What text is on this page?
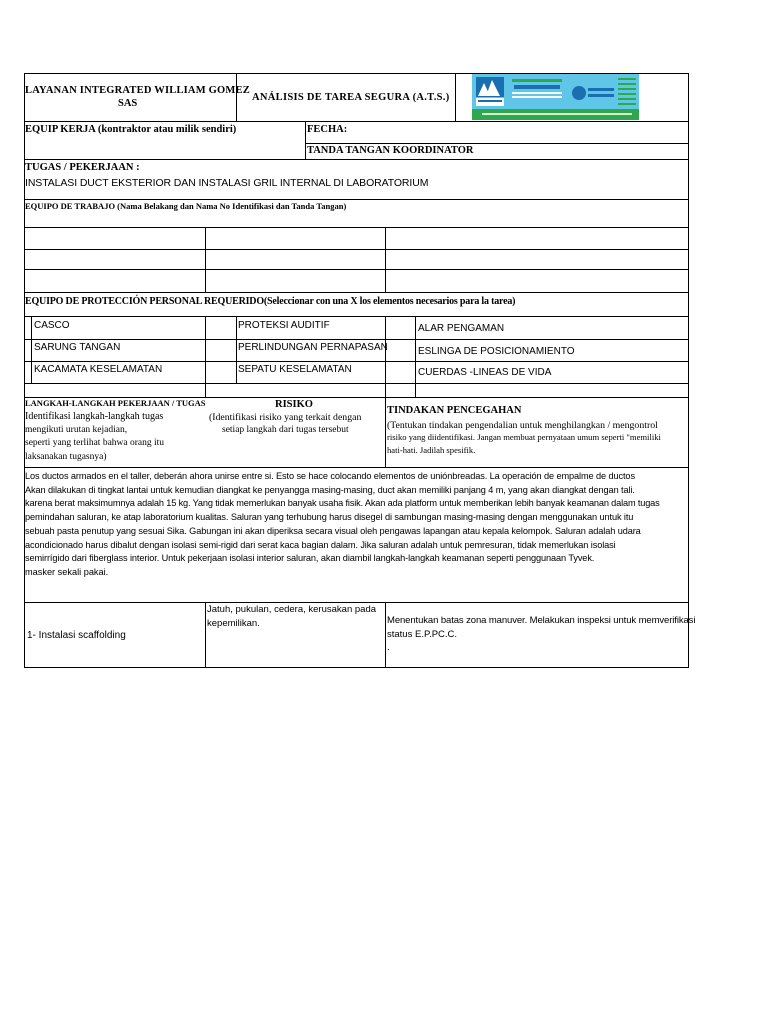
LAYANAN INTEGRATED WILLIAM GOMEZ
SAS
ANÁLISIS DE TAREA SEGURA (A.T.S.)
EQUIP KERJA (kontraktor atau milik sendiri)	FECHA:
TANDA TANGAN KOORDINATOR
TUGAS / PEKERJAAN :
INSTALASI DUCT EKSTERIOR DAN INSTALASI GRIL INTERNAL DI LABORATORIUM
EQUIPO DE TRABAJO (Nama Belakang dan Nama No Identifikasi dan Tanda Tangan)
EQUIPO DE PROTECCIÓN PERSONAL REQUERIDO(Seleccionar con una X los elementos necesarios para la tarea)
CASCO
SARUNG TANGAN
KACAMATA KESELAMATAN
PROTEKSI AUDITIF
PERLINDUNGAN PERNAPASAN
SEPATU KESELAMATAN
ALAR PENGAMAN
ESLINGA DE POSICIONAMIENTO
CUERDAS -LINEAS DE VIDA
LANGKAH-LANGKAH PEKERJAAN / TUGAS
Identifikasi langkah-langkah tugas
mengikuti urutan kejadian,
seperti yang terlihat bahwa orang itu
laksanakan tugasnya)
RISIKO
(Identifikasi risiko yang terkait dengan
setiap langkah dari tugas tersebut
TINDAKAN PENCEGAHAN
(Tentukan tindakan pengendalian untuk menghilangkan / mengontrol
risiko yang diidentifikasi. Jangan membuat pernyataan umum seperti "memiliki
hati-hati. Jadilah spesifik.
Los ductos armados en el taller, deberán ahora unirse entre si. Esto se hace colocando elementos de uniónbreadas. La operación de empalme de ductos
Akan dilakukan di tingkat lantai untuk kemudian diangkat ke penyangga masing-masing, duct akan memiliki panjang 4 m, yang akan diangkat dengan tali.
karena berat maksimumnya adalah 15 kg. Yang tidak memerlukan banyak usaha fisik. Akan ada platform untuk memberikan lebih banyak keamanan dalam tugas
pemindahan saluran, ke atap laboratorium kualitas. Saluran yang terhubung harus disegel di sambungan masing-masing dengan menggunakan untuk itu
sebuah pasta penutup yang sesuai Sika. Gabungan ini akan diperiksa secara visual oleh pengawas lapangan atau kepala kelompok. Saluran adalah udara
acondicionado harus dibalut dengan isolasi semi-rigid dari serat kaca bagian dalam. Jika saluran adalah untuk pemresuran, tidak memerlukan isolasi
semirrígido dari fiberglass interior. Untuk pekerjaan isolasi interior saluran, akan diambil langkah-langkah keamanan seperti penggunaan Tyvek.
masker sekali pakai.
1- Instalasi scaffolding
Jatuh, pukulan, cedera, kerusakan pada
kepemilikan.	Menentukan batas zona manuver. Melakukan inspeksi untuk memverifikasi
status E.P.PC.C.
.
